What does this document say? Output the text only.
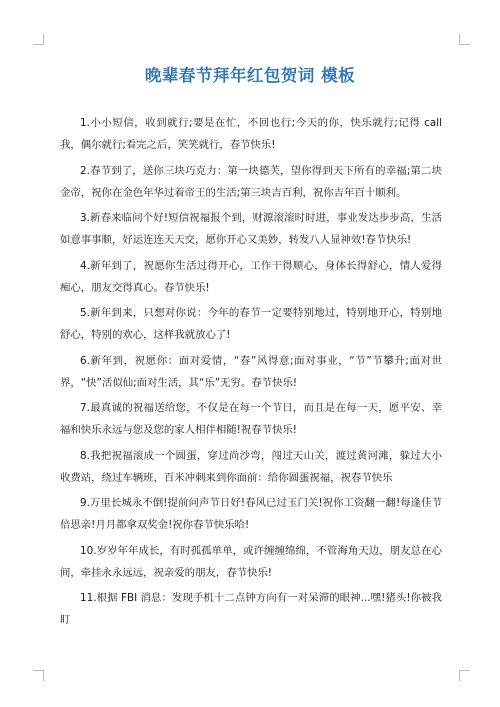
晚辈春节拜年红包贺词 模板

1.小小短信，收到就行;要是在忙，不回也行;今天的你，快乐就行;记得 call 我，偶尔就行;看完之后，笑笑就行，春节快乐!

2.春节到了，送你三块巧克力：第一块德芙，望你得到天下所有的幸福;第二块金帝，祝你在金色年华过着帝王的生活;第三块吉百利，祝你吉年百十顺利。

3.新春来临问个好!短信祝福报个到，财源滚滚时时进，事业发达步步高，生活如意事事顺，好运连连天天交，愿你开心又美妙，转发八人显神效!春节快乐!

4.新年到了，祝愿你生活过得开心，工作干得顺心，身体长得舒心，情人爱得痴心，朋友交得真心。春节快乐!

5.新年到来，只想对你说：今年的春节一定要特别地过，特别地开心，特别地舒心，特别的欢心，这样我就放心了!

6.新年到，祝愿你：面对爱情，“春”风得意;面对事业，“节”节攀升;面对世界，“快”活似仙;面对生活，其“乐”无穷。春节快乐!

7.最真诚的祝福送给您，不仅是在每一个节日，而且是在每一天，愿平安、幸福和快乐永远与您及您的家人相伴相随!祝春节快乐!

8.我把祝福滚成一个圆蛋，穿过尚沙弯，闯过天山关，渡过黄河滩，躲过大小收费站，绕过车辆班，百米冲刺来到你面前：给你圆蛋祝福，祝春节快乐

9.万里长城永不倒!提前问声节日好!春风已过玉门关!祝你工资翻一翻!每逢佳节倍思亲!月月都拿双奖金!祝你春节快乐哈!

10.岁岁年年成长，有时孤孤单单，或许缠缠绵绵，不管海角天边，朋友总在心间，牵挂永永远远，祝亲爱的朋友，春节快乐!

11.根据 FBI 消息：发现手机十二点钟方向有一对呆滞的眼神...嘿!猪头!你被我盯
